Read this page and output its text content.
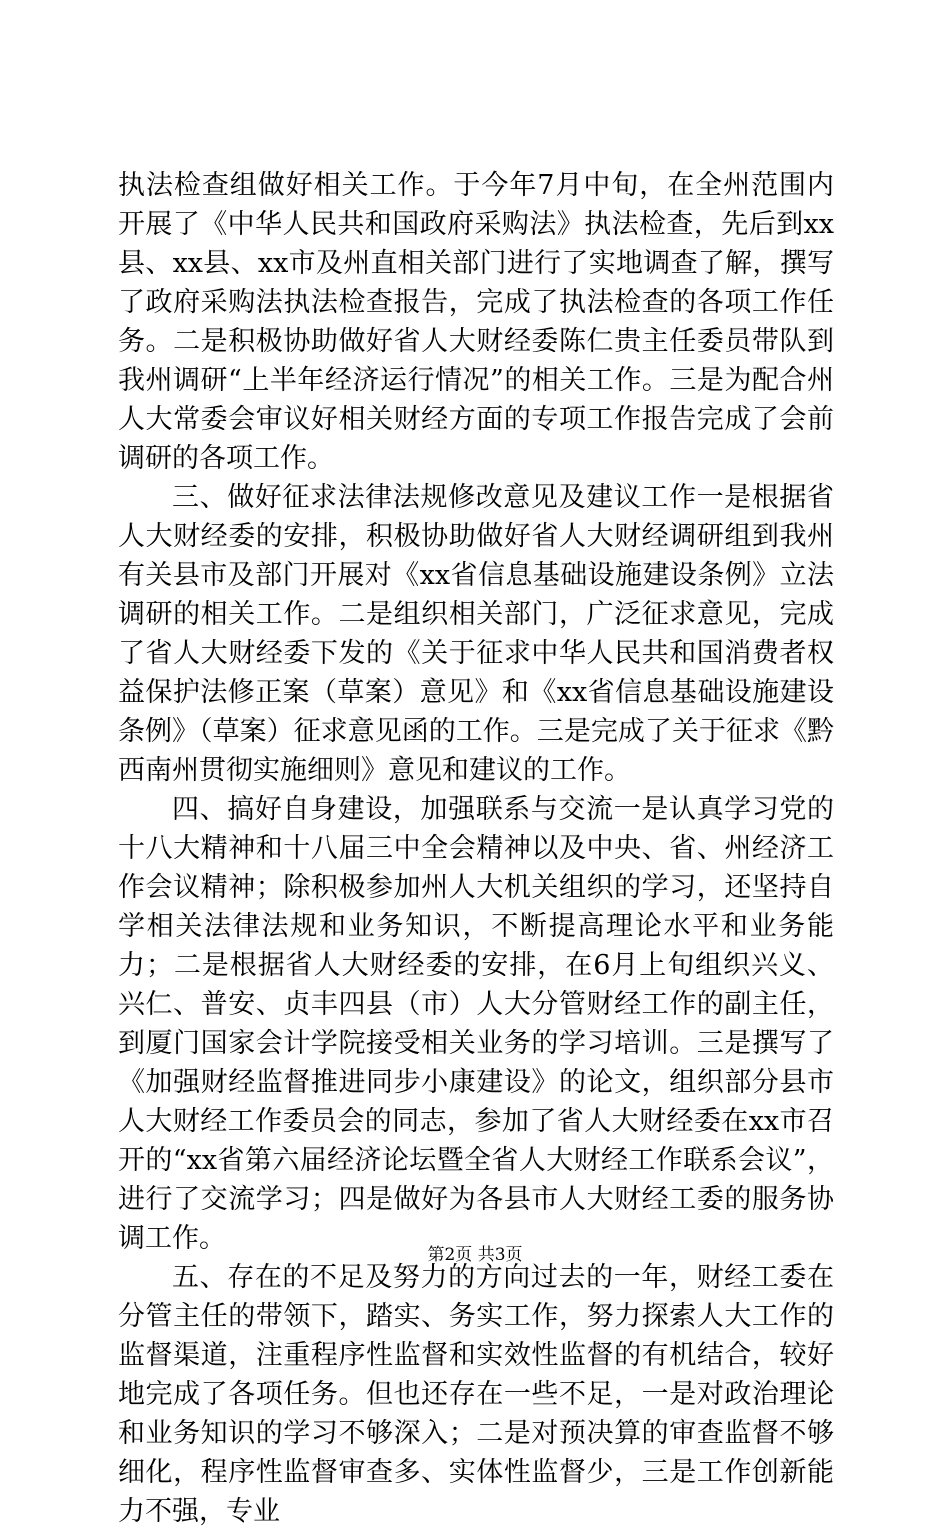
执法检查组做好相关工作。于今年7月中旬，在全州范围内开展了《中华人民共和国政府采购法》执法检查，先后到xx县、xx县、xx市及州直相关部门进行了实地调查了解，撰写了政府采购法执法检查报告，完成了执法检查的各项工作任务。二是积极协助做好省人大财经委陈仁贵主任委员带队到我州调研“上半年经济运行情况”的相关工作。三是为配合州人大常委会审议好相关财经方面的专项工作报告完成了会前调研的各项工作。

三、做好征求法律法规修改意见及建议工作一是根据省人大财经委的安排，积极协助做好省人大财经调研组到我州有关县市及部门开展对《xx省信息基础设施建设条例》立法调研的相关工作。二是组织相关部门，广泛征求意见，完成了省人大财经委下发的《关于征求中华人民共和国消费者权益保护法修正案（草案）意见》和《xx省信息基础设施建设条例》（草案）征求意见函的工作。三是完成了关于征求《黔西南州贯彻实施细则》意见和建议的工作。

四、搞好自身建设，加强联系与交流一是认真学习党的十八大精神和十八届三中全会精神以及中央、省、州经济工作会议精神；除积极参加州人大机关组织的学习，还坚持自学相关法律法规和业务知识，不断提高理论水平和业务能力；二是根据省人大财经委的安排，在6月上旬组织兴义、兴仁、普安、贞丰四县（市）人大分管财经工作的副主任，到厦门国家会计学院接受相关业务的学习培训。三是撰写了《加强财经监督推进同步小康建设》的论文，组织部分县市人大财经工作委员会的同志，参加了省人大财经委在xx市召开的“xx省第六届经济论坛暨全省人大财经工作联系会议”，进行了交流学习；四是做好为各县市人大财经工委的服务协调工作。

五、存在的不足及努力的方向过去的一年，财经工委在分管主任的带领下，踏实、务实工作，努力探索人大工作的监督渠道，注重程序性监督和实效性监督的有机结合，较好地完成了各项任务。但也还存在一些不足，一是对政治理论和业务知识的学习不够深入；二是对预决算的审查监督不够细化，程序性监督审查多、实体性监督少，三是工作创新能力不强，专业

第2页 共3页
